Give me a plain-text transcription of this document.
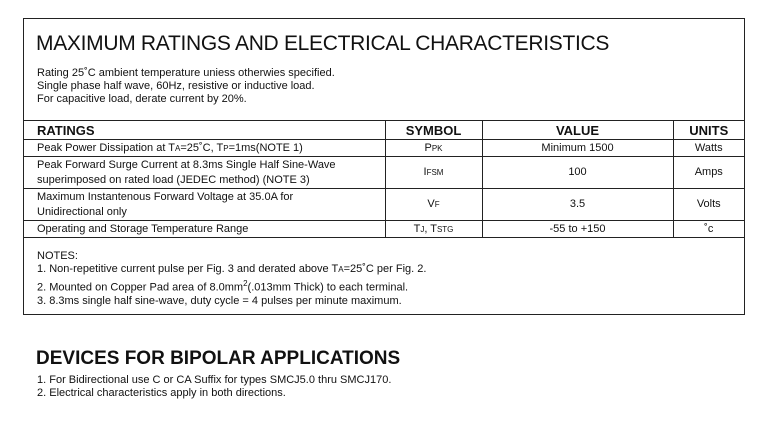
MAXIMUM RATINGS AND ELECTRICAL CHARACTERISTICS
Rating 25˚C ambient temperature uniess otherwies specified.
Single phase half wave, 60Hz, resistive or inductive load.
For capacitive load, derate current by 20%.
RATINGS	SYMBOL	VALUE	UNITS
Peak Power Dissipation at TA=25˚C, TP=1ms(NOTE 1)	PPK	Minimum 1500	Watts

Peak Forward Surge Current at 8.3ms Single Half Sine-Wave
superimposed on rated load (JEDEC method) (NOTE 3)	IFSM	100	Amps

Maximum Instantenous Forward Voltage at 35.0A for
Unidirectional only	VF	3.5	Volts
Operating and Storage Temperature Range	TJ, TSTG	-55 to +150	˚c
NOTES:
1. Non-repetitive current pulse per Fig. 3 and derated above TA=25˚C per Fig. 2.
2. Mounted on Copper Pad area of $8.0mm^2(.013mm$ Thick) to each terminal.
3. 8.3ms single half sine-wave, duty cycle = 4 pulses per minute maximum.
DEVICES FOR BIPOLAR APPLICATIONS
1. For Bidirectional use C or CA Suffix for types SMCJ5.0 thru SMCJ170.
2. Electrical characteristics apply in both directions.
